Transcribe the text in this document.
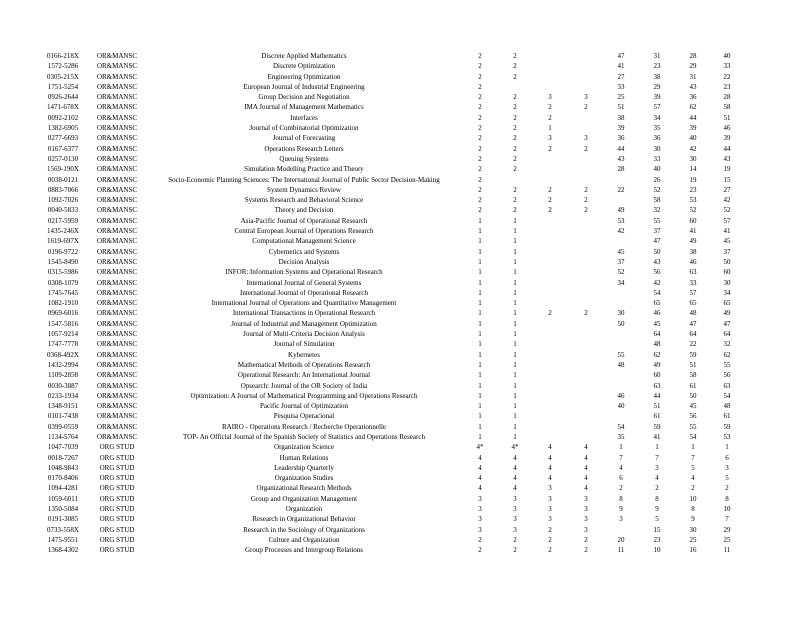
0166-218X	OR&MANSC	Discrete Applied Mathematics	2	2			47	31	28	40
1572-5286	OR&MANSC	Discrete Optimization	2	2			41	23	29	33
0305-215X	OR&MANSC	Engineering Optimization	2	2			27	38	31	22
1751-5254	OR&MANSC	European Journal of Industrial Engineering	2				33	29	43	23
0926-2644	OR&MANSC	Group Decision and Negotiation	2	2	3	3	25	39	36	28
1471-678X	OR&MANSC	IMA Journal of Management Mathematics	2	2	2	2	51	57	62	58
0092-2102	OR&MANSC	Interfaces	2	2	2		38	34	44	51
1382-6905	OR&MANSC	Journal of Combinatorial Optimization	2	2	1		39	35	39	46
0277-6693	OR&MANSC	Journal of Forecasting	2	2	3	3	36	36	40	39
0167-6377	OR&MANSC	Operations Research Letters	2	2	2	2	44	30	42	44
0257-0130	OR&MANSC	Queuing Systems	2	2			43	33	30	43
1569-190X	OR&MANSC	Simulation Modelling Practice and Theory	2	2			28	40	14	19
0038-0121	OR&MANSC	Socio-Economic Planning Sciences: The International Journal of Public Sector Decision-Making	2					26	19	15
0883-7066	OR&MANSC	System Dynamics Review	2	2	2	2	22	52	23	27
1092-7026	OR&MANSC	Systems Research and Behavioral Science	2	2	2	2		58	53	42
0040-5833	OR&MANSC	Theory and Decision	2	2	2	2	49	32	52	52
0217-5959	OR&MANSC	Asia-Pacific Journal of Operational Research	1	1			53	55	60	57
1435-246X	OR&MANSC	Central European Journal of Operations Research	1	1			42	37	41	41
1619-697X	OR&MANSC	Computational Management Science	1	1				47	49	45
0196-9722	OR&MANSC	Cybernetics and Systems	1	1			45	50	38	37
1545-8490	OR&MANSC	Decision Analysis	1	1			37	43	46	50
0315-5986	OR&MANSC	INFOR: Information Systems and Operational Research	1	1			52	56	63	60
0308-1079	OR&MANSC	International Journal of General Systems	1	1			34	42	33	30
1745-7645	OR&MANSC	International Journal of Operational Research	1	1				54	57	34
1082-1910	OR&MANSC	International Journal of Operations and Quantitative Management	1	1				65	65	65
0969-6016	OR&MANSC	International Transactions in Operational Research	1	1	2	2	30	46	48	49
1547-5816	OR&MANSC	Journal of Industrial and Management Optimization	1	1			50	45	47	47
1057-9214	OR&MANSC	Journal of Multi-Criteria Decision Analysis	1	1				64	64	64
1747-7778	OR&MANSC	Journal of Simulation	1	1				48	22	32
0368-492X	OR&MANSC	Kybernetes	1	1			55	62	59	62
1432-2994	OR&MANSC	Mathematical Methods of Operations Research	1	1			48	49	51	55
1109-2858	OR&MANSC	Operational Research: An International Journal	1	1				60	58	56
0030-3887	OR&MANSC	Opsearch: Journal of the OR Society of India	1	1				63	61	63
0233-1934	OR&MANSC	Optimization: A Journal of Mathematical Programming and Operations Research	1	1			46	44	50	54
1348-9151	OR&MANSC	Pacific Journal of Optimization	1	1			40	51	45	48
0101-7438	OR&MANSC	Pesquisa Operacional	1	1				61	56	61
0399-0559	OR&MANSC	RAIRO - Operations Research / Recherche Operationnelle	1	1			54	59	55	59
1134-5764	OR&MANSC	TOP- An Official Journal of the Spanish Society of Statistics and Operations Research	1	1			35	41	54	53
1047-7039	ORG STUD	Organization Science	4*	4*	4	4	1	1	1	1
0018-7267	ORG STUD	Human Relations	4	4	4	4	7	7	7	6
1048-9843	ORG STUD	Leadership Quarterly	4	4	4	4	4	3	5	3
0170-8406	ORG STUD	Organization Studies	4	4	4	4	6	4	4	5
1094-4281	ORG STUD	Organizational Research Methods	4	4	3	4	2	2	2	2
1059-6011	ORG STUD	Group and Organization Management	3	3	3	3	8	8	10	8
1350-5084	ORG STUD	Organization	3	3	3	3	9	9	8	10
0191-3085	ORG STUD	Research in Organizational Behavior	3	3	3	3	3	5	9	7
0733-558X	ORG STUD	Research in the Sociology of Organizations	3	3	2	3		15	30	29
1475-9551	ORG STUD	Culture and Organization	2	2	2	2	20	23	25	25
1368-4302	ORG STUD	Group Processes and Intergroup Relations	2	2	2	2	11	10	16	11
